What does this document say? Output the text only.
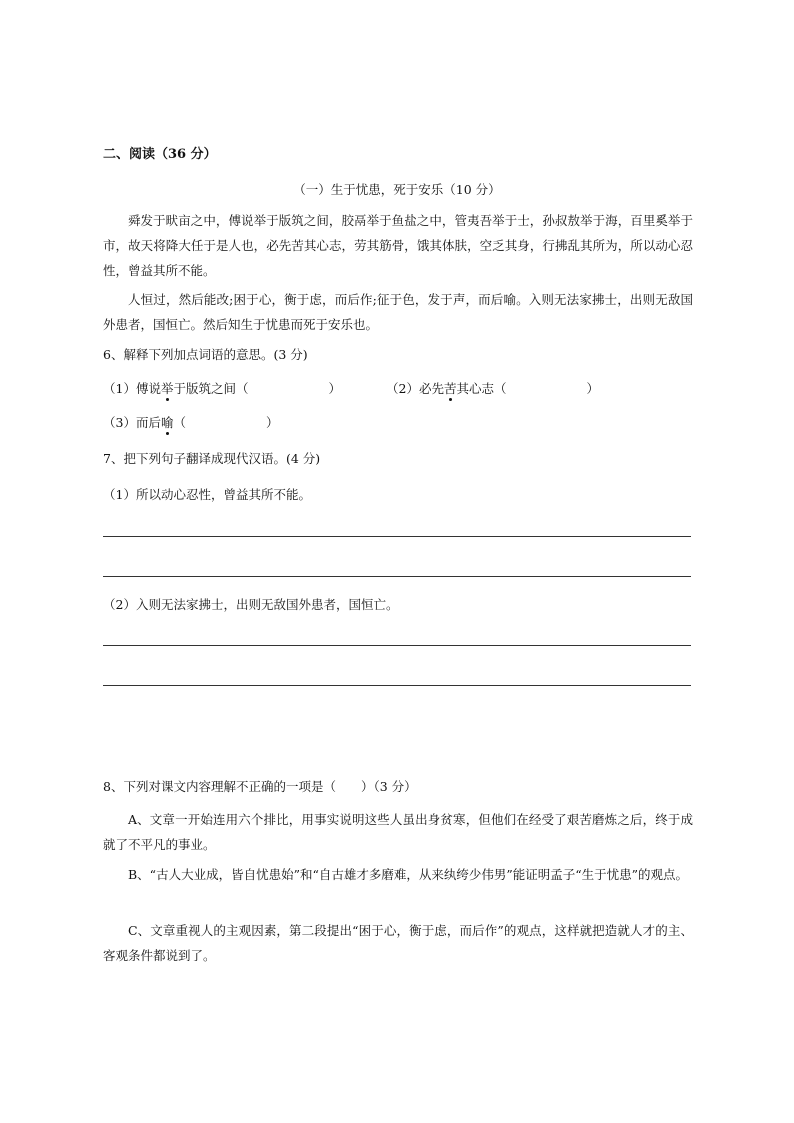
二、阅读（36 分）
（一）生于忧患，死于安乐（10 分）
舜发于畎亩之中，傅说举于版筑之间，胶鬲举于鱼盐之中，管夷吾举于士，孙叔敖举于海，百里奚举于市，故天将降大任于是人也，必先苦其心志，劳其筋骨，饿其体肤，空乏其身，行拂乱其所为，所以动心忍性，曾益其所不能。
人恒过，然后能改;困于心，衡于虑，而后作;征于色，发于声，而后喻。入则无法家拂士，出则无敌国外患者，国恒亡。然后知生于忧患而死于安乐也。
6、解释下列加点词语的意思。(3 分)
（1）傅说举于版筑之间（	）	（2）必先苦其心志（	）
（3）而后喻（	）
7、把下列句子翻译成现代汉语。(4 分)
（1）所以动心忍性，曾益其所不能。
（2）入则无法家拂士，出则无敌国外患者，国恒亡。
8、下列对课文内容理解不正确的一项是（　　）（3 分）
A、文章一开始连用六个排比，用事实说明这些人虽出身贫寒，但他们在经受了艰苦磨炼之后，终于成就了不平凡的事业。
B、“古人大业成，皆自忧患始”和“自古雄才多磨难，从来纨绔少伟男”能证明孟子“生于忧患”的观点。
C、文章重视人的主观因素，第二段提出“困于心，衡于虑，而后作”的观点，这样就把造就人才的主、客观条件都说到了。
